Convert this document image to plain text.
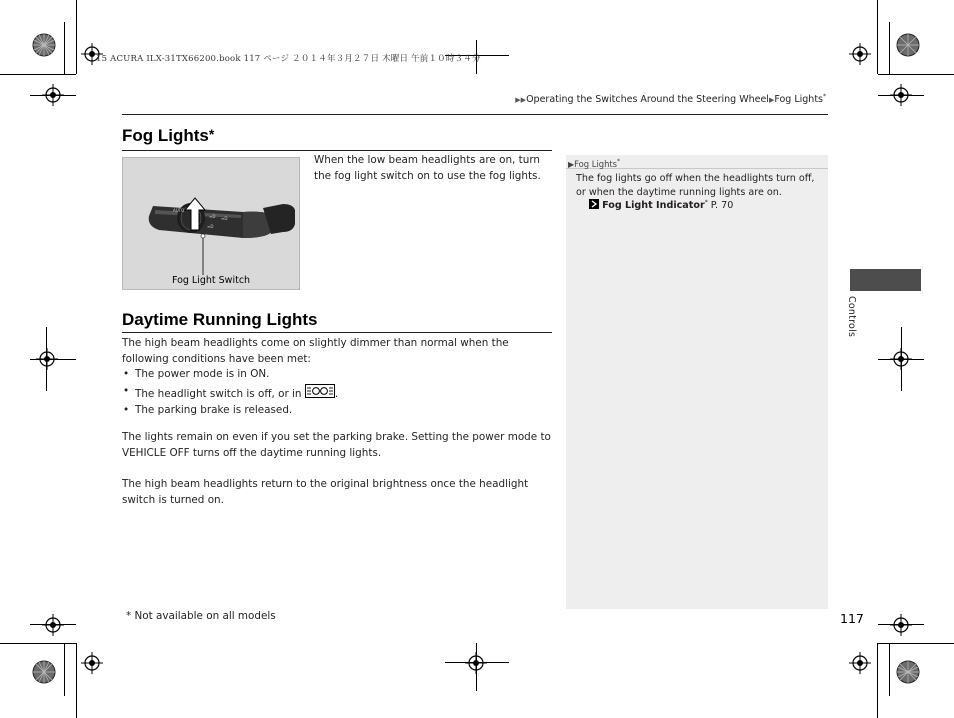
15 ACURA ILX-31TX66200.book 117 ページ ２０１４年３月２７日 木曜日 午前１０時３４分
▶▶Operating the Switches Around the Steering Wheel▶Fog Lights*
Fog Lights*
AUTO
≡D ≡D
≡D
Fog Light Switch
When the low beam headlights are on, turn the fog light switch on to use the fog lights.
Daytime Running Lights
The high beam headlights come on slightly dimmer than normal when the following conditions have been met:
• The power mode is in ON.
• The headlight switch is off, or in	.
• The parking brake is released.
The lights remain on even if you set the parking brake. Setting the power mode to VEHICLE OFF turns off the daytime running lights.
The high beam headlights return to the original brightness once the headlight switch is turned on.
▶Fog Lights*
The fog lights go off when the headlights turn off, or when the daytime running lights are on.
Fog Light Indicator* P. 70
Controls
* Not available on all models	117
